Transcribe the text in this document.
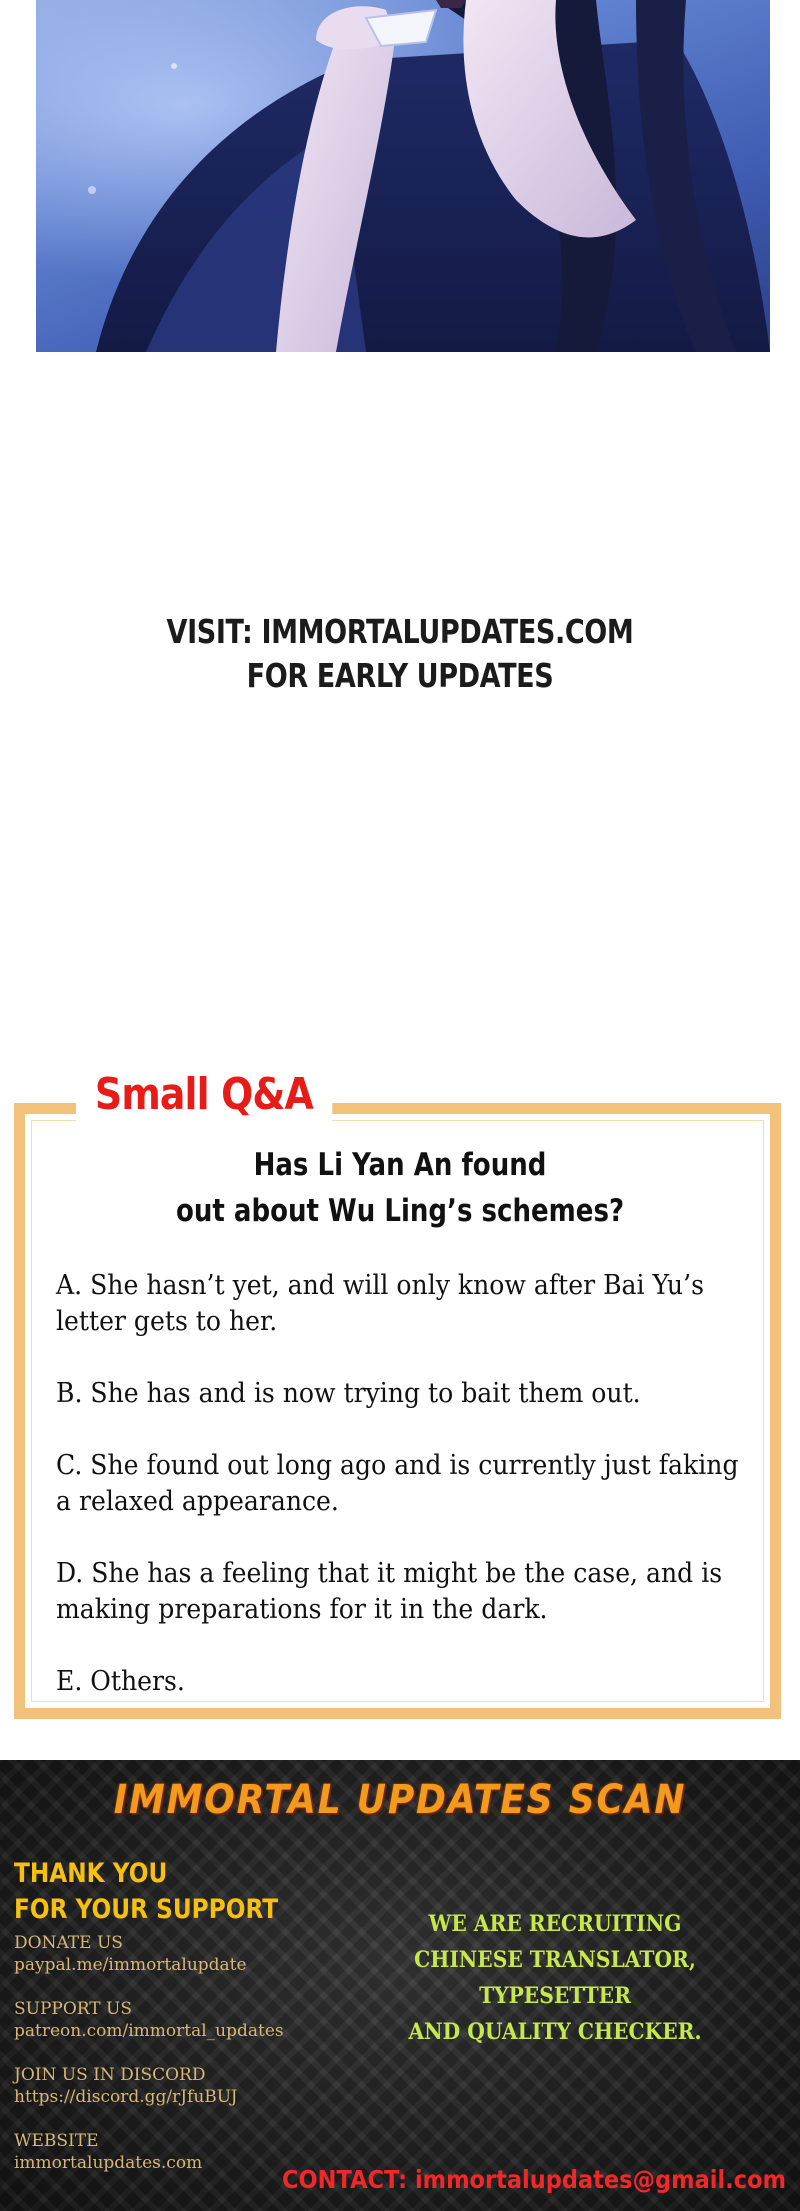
VISIT: IMMORTALUPDATES.COM
FOR EARLY UPDATES
Small Q&A
Has Li Yan An found
out about Wu Ling’s schemes?
A. She hasn’t yet, and will only know after Bai Yu’s letter gets to her.
B. She has and is now trying to bait them out.
C. She found out long ago and is currently just faking a relaxed appearance.
D. She has a feeling that it might be the case, and is making preparations for it in the dark.
E. Others.
IMMORTAL UPDATES SCAN
THANK YOU
FOR YOUR SUPPORT
DONATE US
paypal.me/immortalupdate
SUPPORT US
patreon.com/immortal_updates
JOIN US IN DISCORD
https://discord.gg/rJfuBUJ
WEBSITE
immortalupdates.com
WE ARE RECRUITING
CHINESE TRANSLATOR, TYPESETTER
AND QUALITY CHECKER.
CONTACT: immortalupdates@gmail.com
